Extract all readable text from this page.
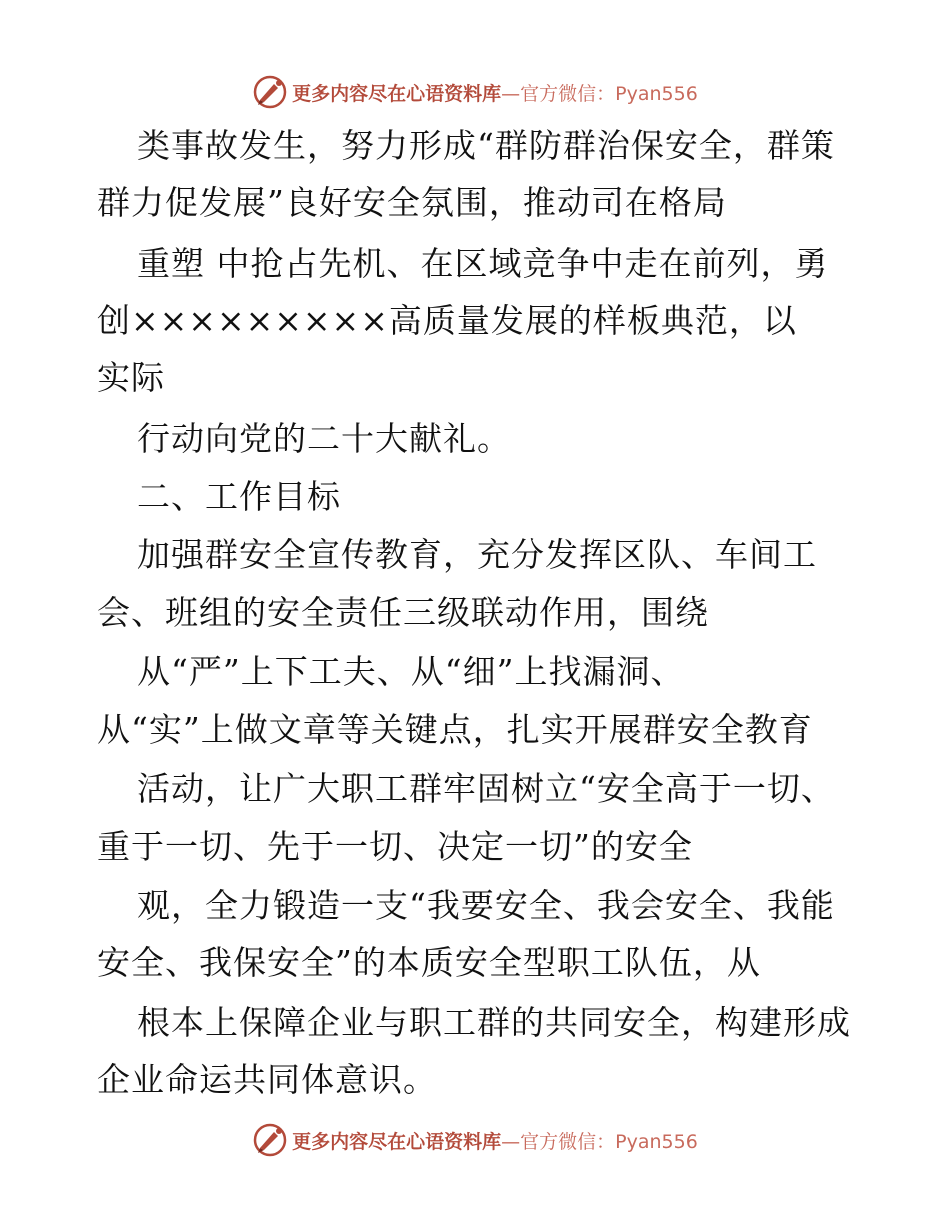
更多内容尽在心语资料库—官方微信：Pyan556
类事故发生，努力形成“群防群治保安全，群策
群力促发展”良好安全氛围，推动司在格局
重塑 中抢占先机、在区域竞争中走在前列，勇
创×××××××××高质量发展的样板典范，以
实际
行动向党的二十大献礼。
二、工作目标
加强群安全宣传教育，充分发挥区队、车间工
会、班组的安全责任三级联动作用，围绕
从“严”上下工夫、从“细”上找漏洞、
从“实”上做文章等关键点，扎实开展群安全教育
活动，让广大职工群牢固树立“安全高于一切、
重于一切、先于一切、决定一切”的安全
观，全力锻造一支“我要安全、我会安全、我能
安全、我保安全”的本质安全型职工队伍，从
根本上保障企业与职工群的共同安全，构建形成
企业命运共同体意识。
更多内容尽在心语资料库—官方微信：Pyan556
